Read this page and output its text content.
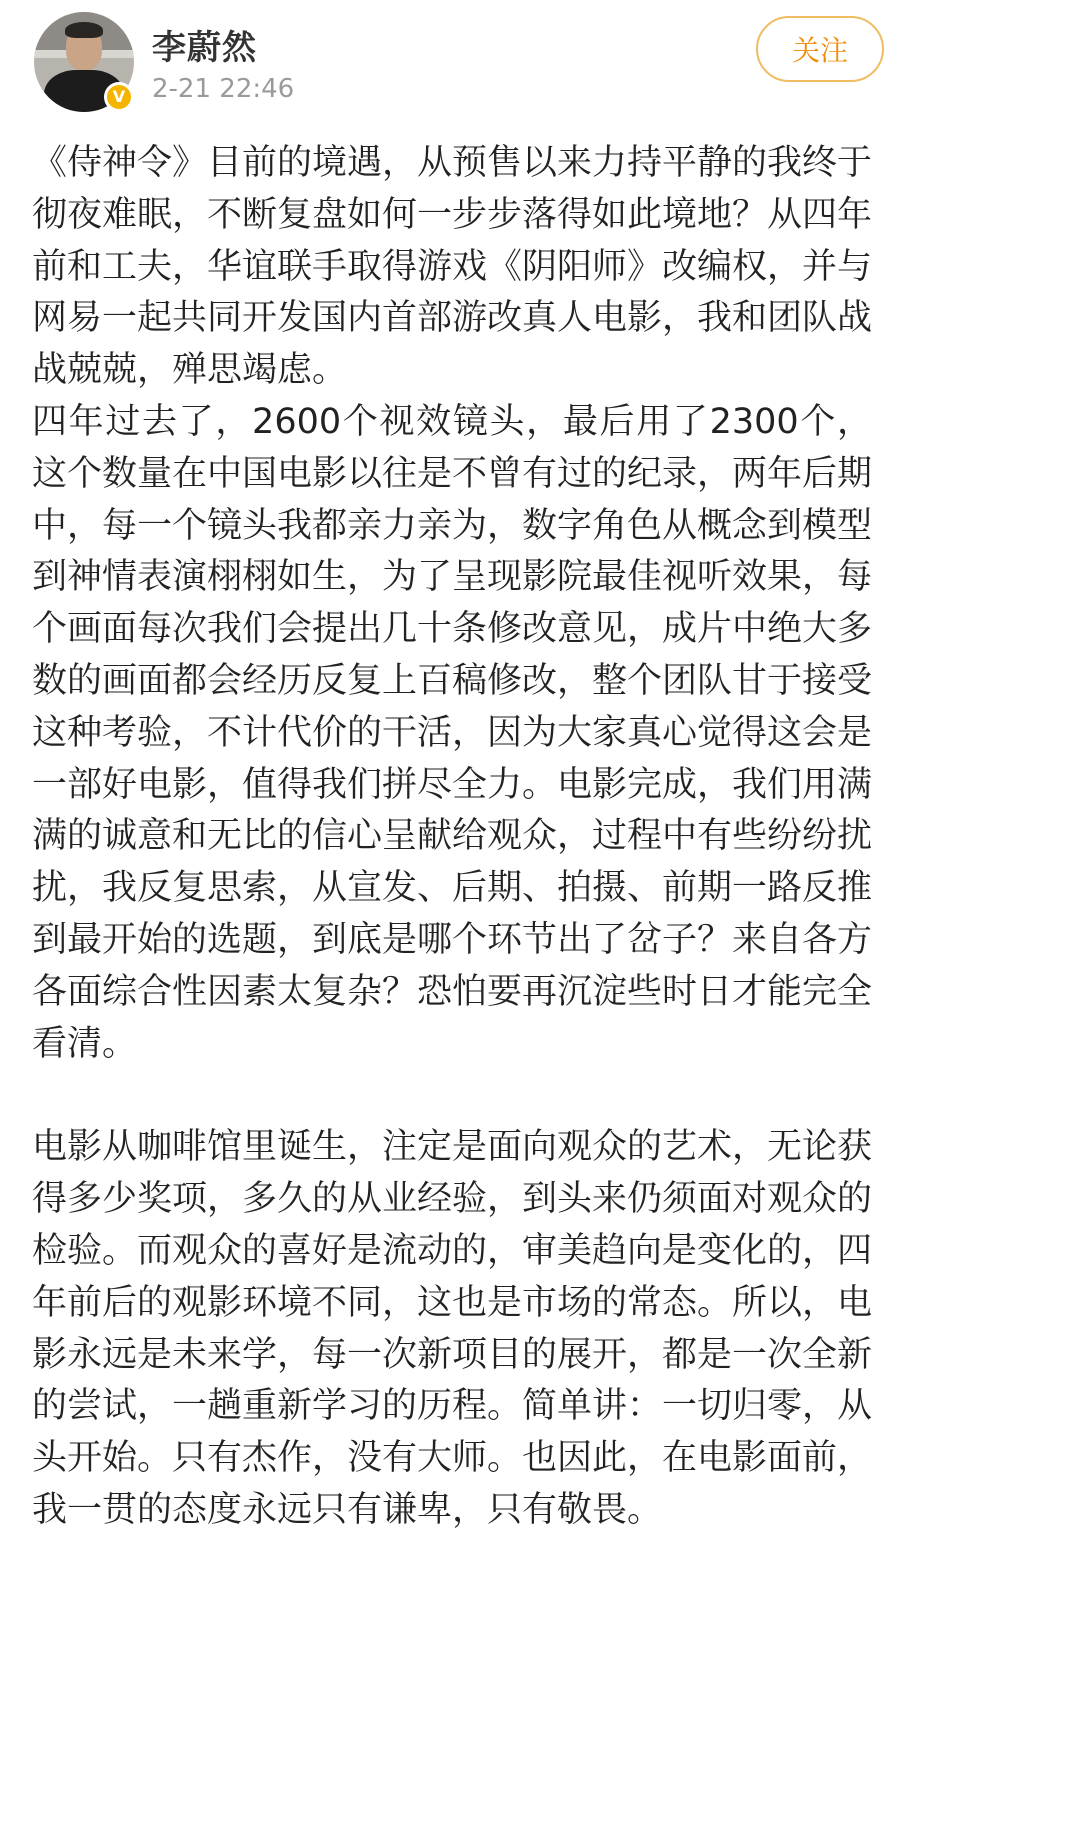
V
李蔚然
2-21 22:46
关注

《侍神令》目前的境遇，从预售以来力持平静的我终于彻夜难眠，不断复盘如何一步步落得如此境地？从四年前和工夫，华谊联手取得游戏《阴阳师》改编权，并与网易一起共同开发国内首部游改真人电影，我和团队战战兢兢，殚思竭虑。

四年过去了，2600个视效镜头，最后用了2300个，这个数量在中国电影以往是不曾有过的纪录，两年后期中，每一个镜头我都亲力亲为，数字角色从概念到模型到神情表演栩栩如生，为了呈现影院最佳视听效果，每个画面每次我们会提出几十条修改意见，成片中绝大多数的画面都会经历反复上百稿修改，整个团队甘于接受这种考验，不计代价的干活，因为大家真心觉得这会是一部好电影，值得我们拼尽全力。电影完成，我们用满满的诚意和无比的信心呈献给观众，过程中有些纷纷扰扰，我反复思索，从宣发、后期、拍摄、前期一路反推到最开始的选题，到底是哪个环节出了岔子？来自各方各面综合性因素太复杂？恐怕要再沉淀些时日才能完全看清。

电影从咖啡馆里诞生，注定是面向观众的艺术，无论获得多少奖项，多久的从业经验，到头来仍须面对观众的检验。而观众的喜好是流动的，审美趋向是变化的，四年前后的观影环境不同，这也是市场的常态。所以，电影永远是未来学，每一次新项目的展开，都是一次全新的尝试，一趟重新学习的历程。简单讲：一切归零，从头开始。只有杰作，没有大师。也因此，在电影面前，我一贯的态度永远只有谦卑，只有敬畏。
